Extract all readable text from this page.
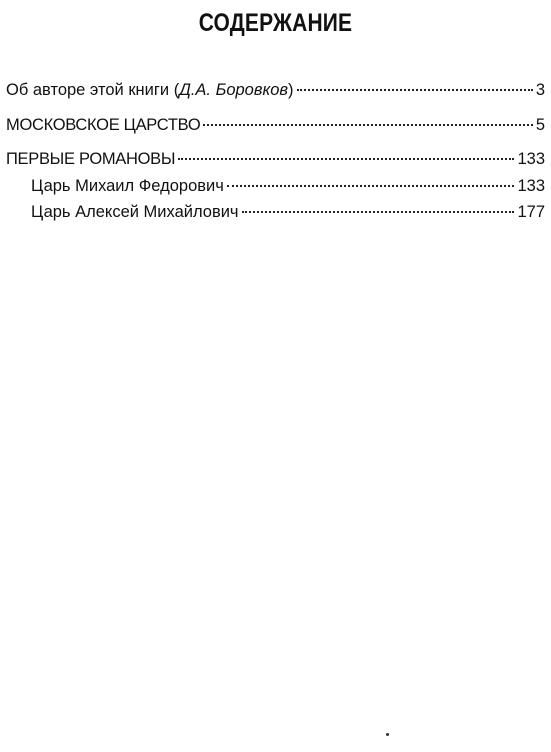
СОДЕРЖАНИЕ
Об авторе этой книги (Д.А. Боровков)	3
МОСКОВСКОЕ ЦАРСТВО	5
ПЕРВЫЕ РОМАНОВЫ	133
Царь Михаил Федорович	133
Царь Алексей Михайлович	177
